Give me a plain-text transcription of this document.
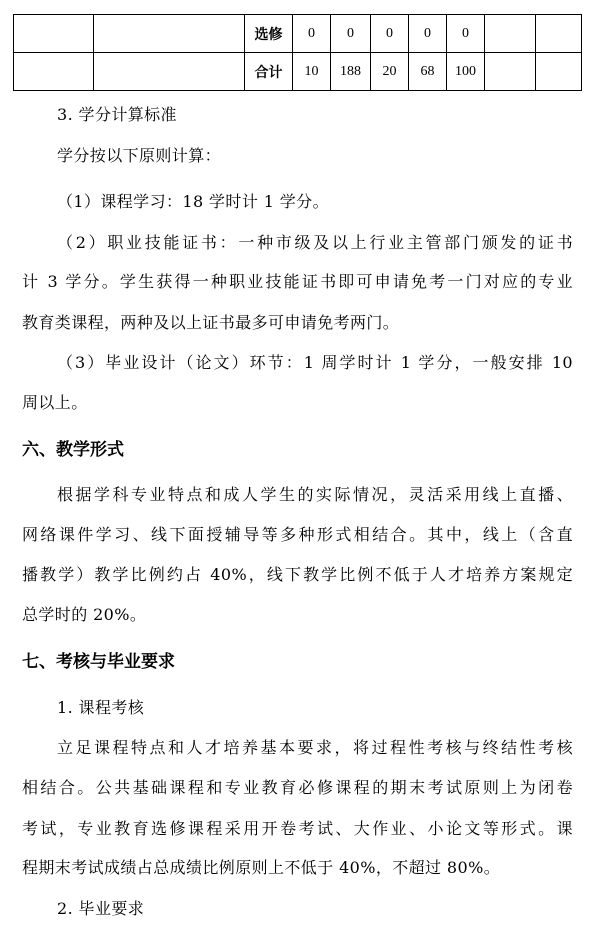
		选修	0	0	0	0	0		
		合计	10	188	20	68	100		
3. 学分计算标准
学分按以下原则计算：
（1）课程学习：18 学时计 1 学分。
（2）职业技能证书：一种市级及以上行业主管部门颁发的证书
计 3 学分。学生获得一种职业技能证书即可申请免考一门对应的专业
教育类课程，两种及以上证书最多可申请免考两门。
（3）毕业设计（论文）环节：1 周学时计 1 学分，一般安排 10
周以上。
六、教学形式
根据学科专业特点和成人学生的实际情况，灵活采用线上直播、
网络课件学习、线下面授辅导等多种形式相结合。其中，线上（含直
播教学）教学比例约占 40%，线下教学比例不低于人才培养方案规定
总学时的 20%。
七、考核与毕业要求
1. 课程考核
立足课程特点和人才培养基本要求，将过程性考核与终结性考核
相结合。公共基础课程和专业教育必修课程的期末考试原则上为闭卷
考试，专业教育选修课程采用开卷考试、大作业、小论文等形式。课
程期末考试成绩占总成绩比例原则上不低于 40%，不超过 80%。
2. 毕业要求
